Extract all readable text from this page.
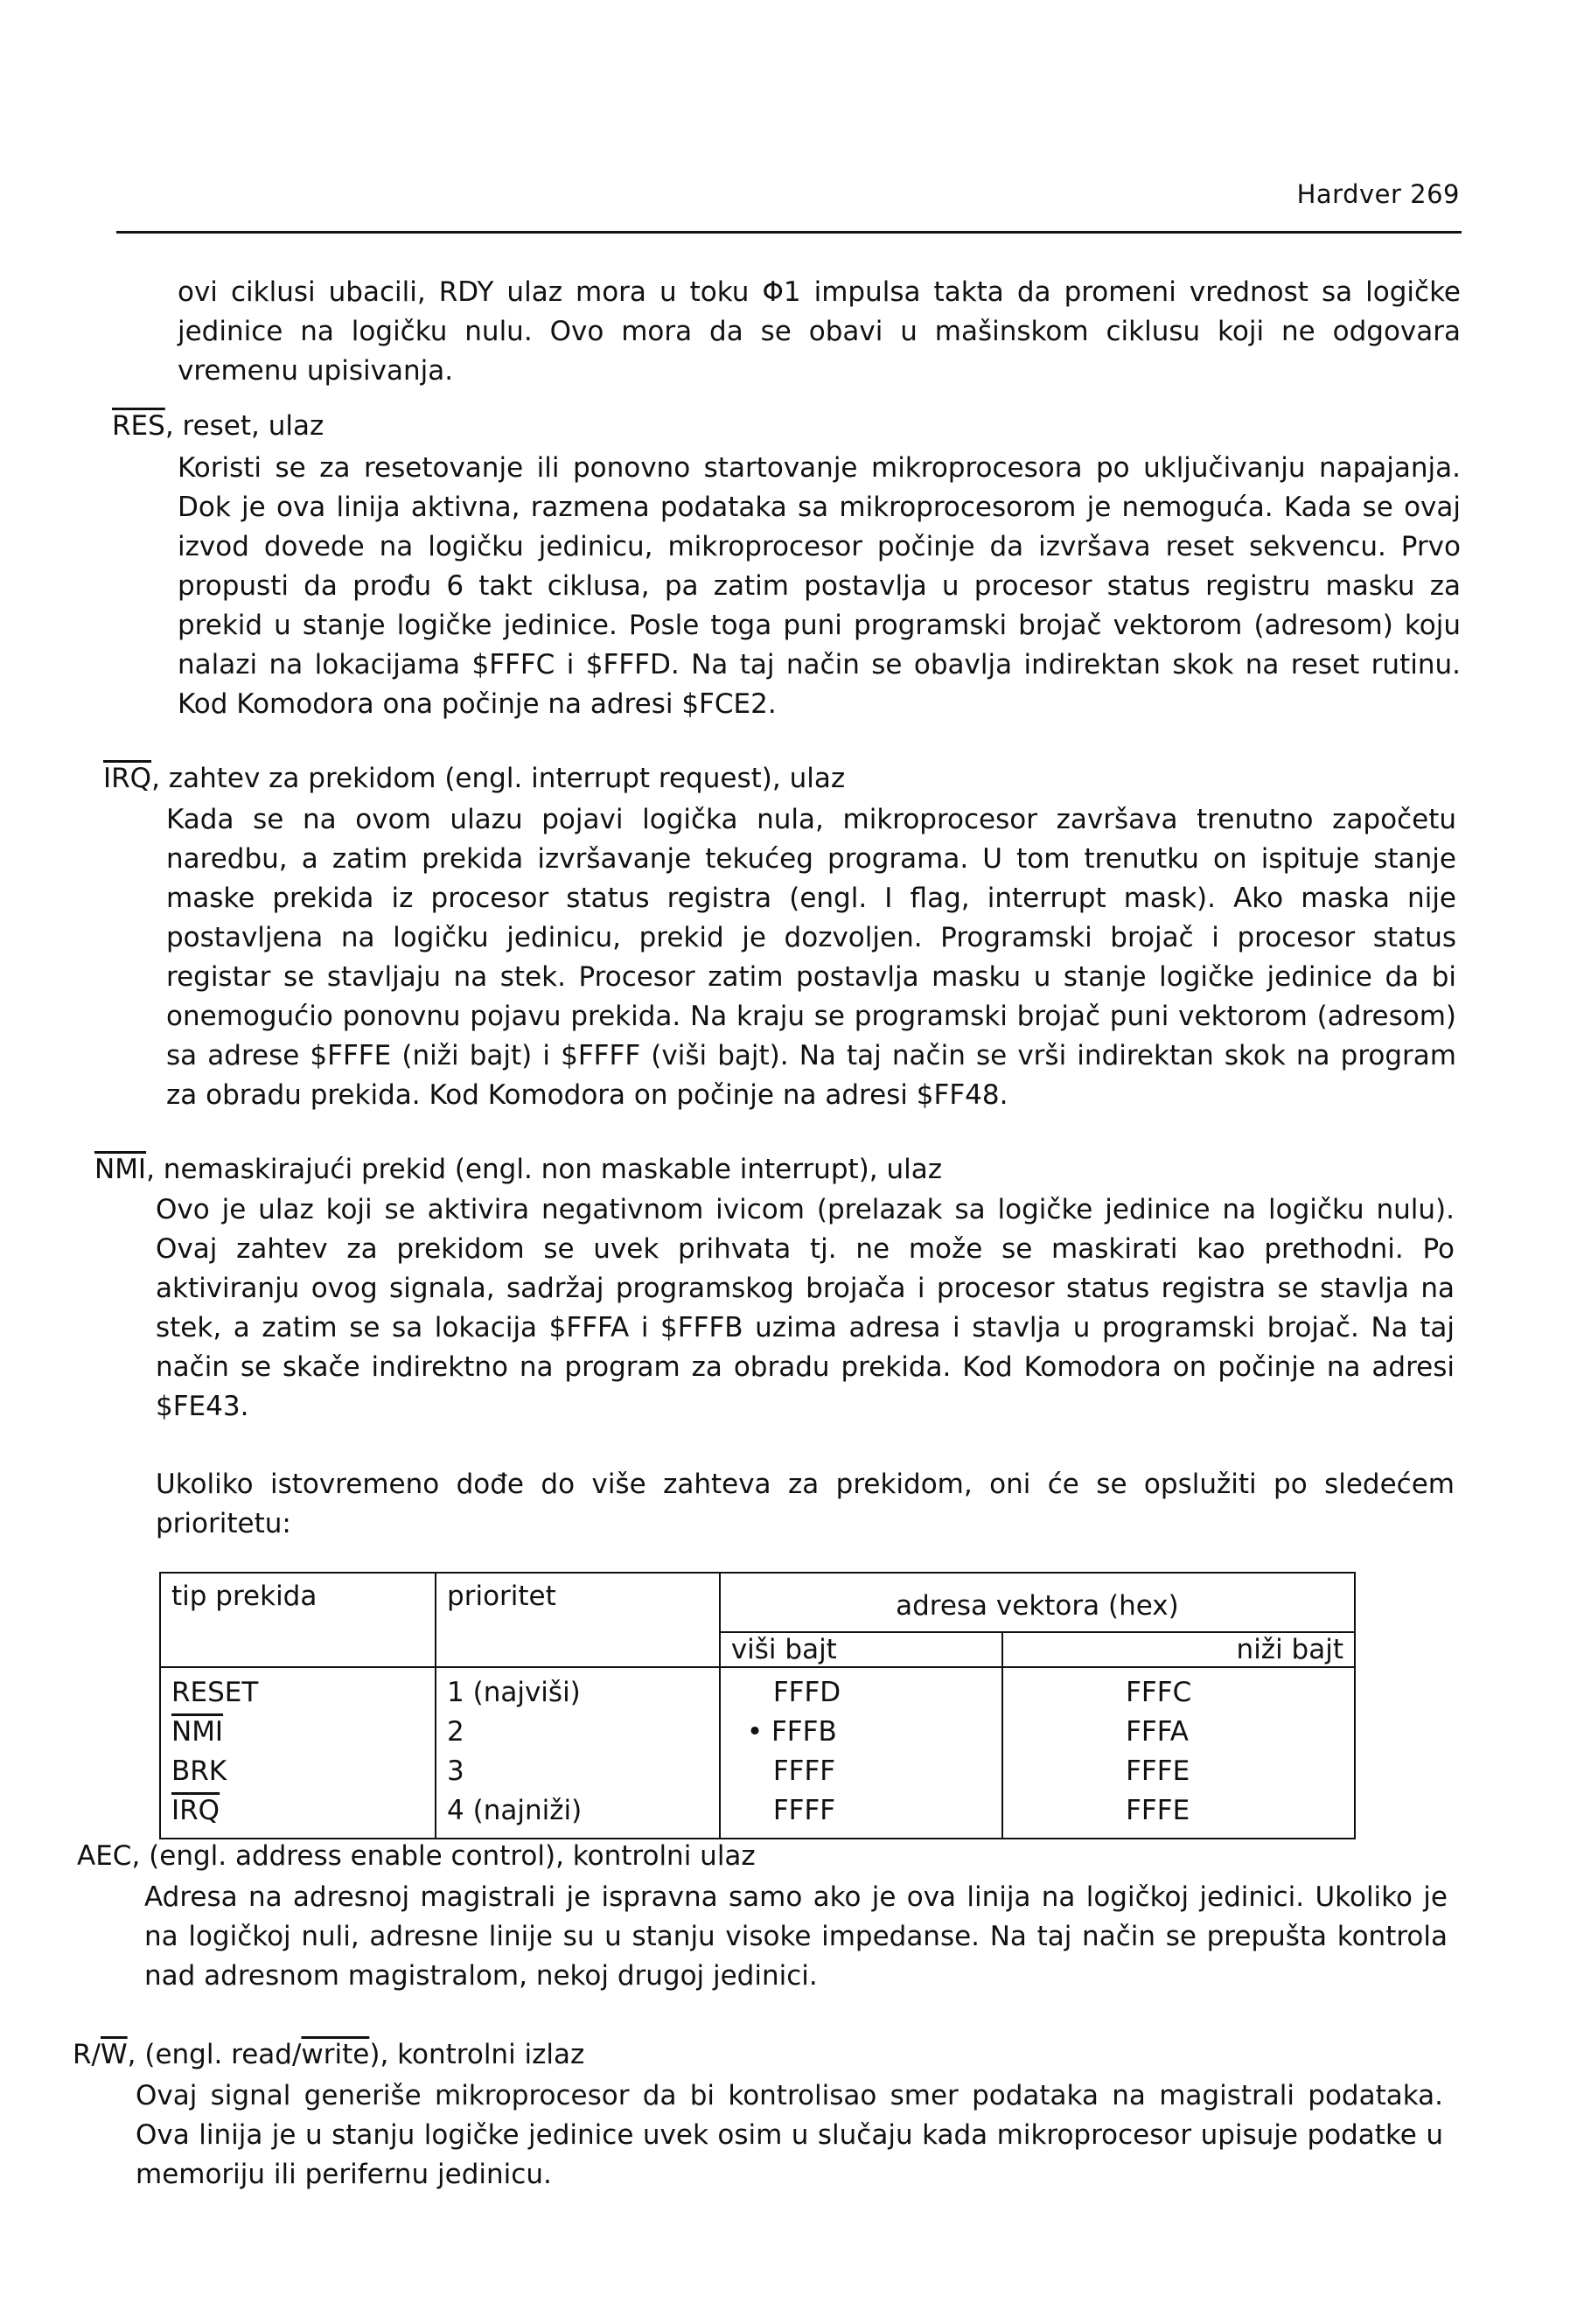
Hardver 269

ovi ciklusi ubacili, RDY ulaz mora u toku Φ1 impulsa takta da promeni vrednost sa logičke jedinice na logičku nulu. Ovo mora da se obavi u mašinskom ciklusu koji ne odgovara vremenu upisivanja.

$\overline{RES}$, reset, ulaz

Koristi se za resetovanje ili ponovno startovanje mikroprocesora po uključivanju napajanja. Dok je ova linija aktivna, razmena podataka sa mikroprocesorom je nemoguća. Kada se ovaj izvod dovede na logičku jedinicu, mikroprocesor počinje da izvršava reset sekvencu. Prvo propusti da prođu 6 takt ciklusa, pa zatim postavlja u procesor status registru masku za prekid u stanje logičke jedinice. Posle toga puni programski brojač vektorom (adresom) koju nalazi na lokacijama $FFFC i $FFFD. Na taj način se obavlja indirektan skok na reset rutinu. Kod Komodora ona počinje na adresi $FCE2.

$\overline{IRQ}$, zahtev za prekidom (engl. interrupt request), ulaz

Kada se na ovom ulazu pojavi logička nula, mikroprocesor završava trenutno započetu naredbu, a zatim prekida izvršavanje tekućeg programa. U tom trenutku on ispituje stanje maske prekida iz procesor status registra (engl. I flag, interrupt mask). Ako maska nije postavljena na logičku jedinicu, prekid je dozvoljen. Programski brojač i procesor status registar se stavljaju na stek. Procesor zatim postavlja masku u stanje logičke jedinice da bi onemogućio ponovnu pojavu prekida. Na kraju se programski brojač puni vektorom (adresom) sa adrese $FFFE (niži bajt) i $FFFF (viši bajt). Na taj način se vrši indirektan skok na program za obradu prekida. Kod Komodora on počinje na adresi $FF48.

$\overline{NMI}$, nemaskirajući prekid (engl. non maskable interrupt), ulaz

Ovo je ulaz koji se aktivira negativnom ivicom (prelazak sa logičke jedinice na logičku nulu). Ovaj zahtev za prekidom se uvek prihvata tj. ne može se maskirati kao prethodni. Po aktiviranju ovog signala, sadržaj programskog brojača i procesor status registra se stavlja na stek, a zatim se sa lokacija $FFFA i $FFFB uzima adresa i stavlja u programski brojač. Na taj način se skače indirektno na program za obradu prekida. Kod Komodora on počinje na adresi $FE43.

Ukoliko istovremeno dođe do više zahteva za prekidom, oni će se opslužiti po sledećem prioritetu:

tip prekida	prioritet	adresa vektora (hex)	
		viši bajt	niži bajt
RESET	1 (najviši)	FFFD	FFFC
$\overline{NMI}$	2	• FFFB	FFFA
BRK	3	FFFF	FFFE
$\overline{IRQ}$	4 (najniži)	FFFF	FFFE

AEC, (engl. address enable control), kontrolni ulaz

Adresa na adresnoj magistrali je ispravna samo ako je ova linija na logičkoj jedinici. Ukoliko je na logičkoj nuli, adresne linije su u stanju visoke impedanse. Na taj način se prepušta kontrola nad adresnom magistralom, nekoj drugoj jedinici.

$R/\overline{W}$, (engl. read/write), kontrolni izlaz

Ovaj signal generiše mikroprocesor da bi kontrolisao smer podataka na magistrali podataka. Ova linija je u stanju logičke jedinice uvek osim u slučaju kada mikroprocesor upisuje podatke u memoriju ili perifernu jedinicu.
